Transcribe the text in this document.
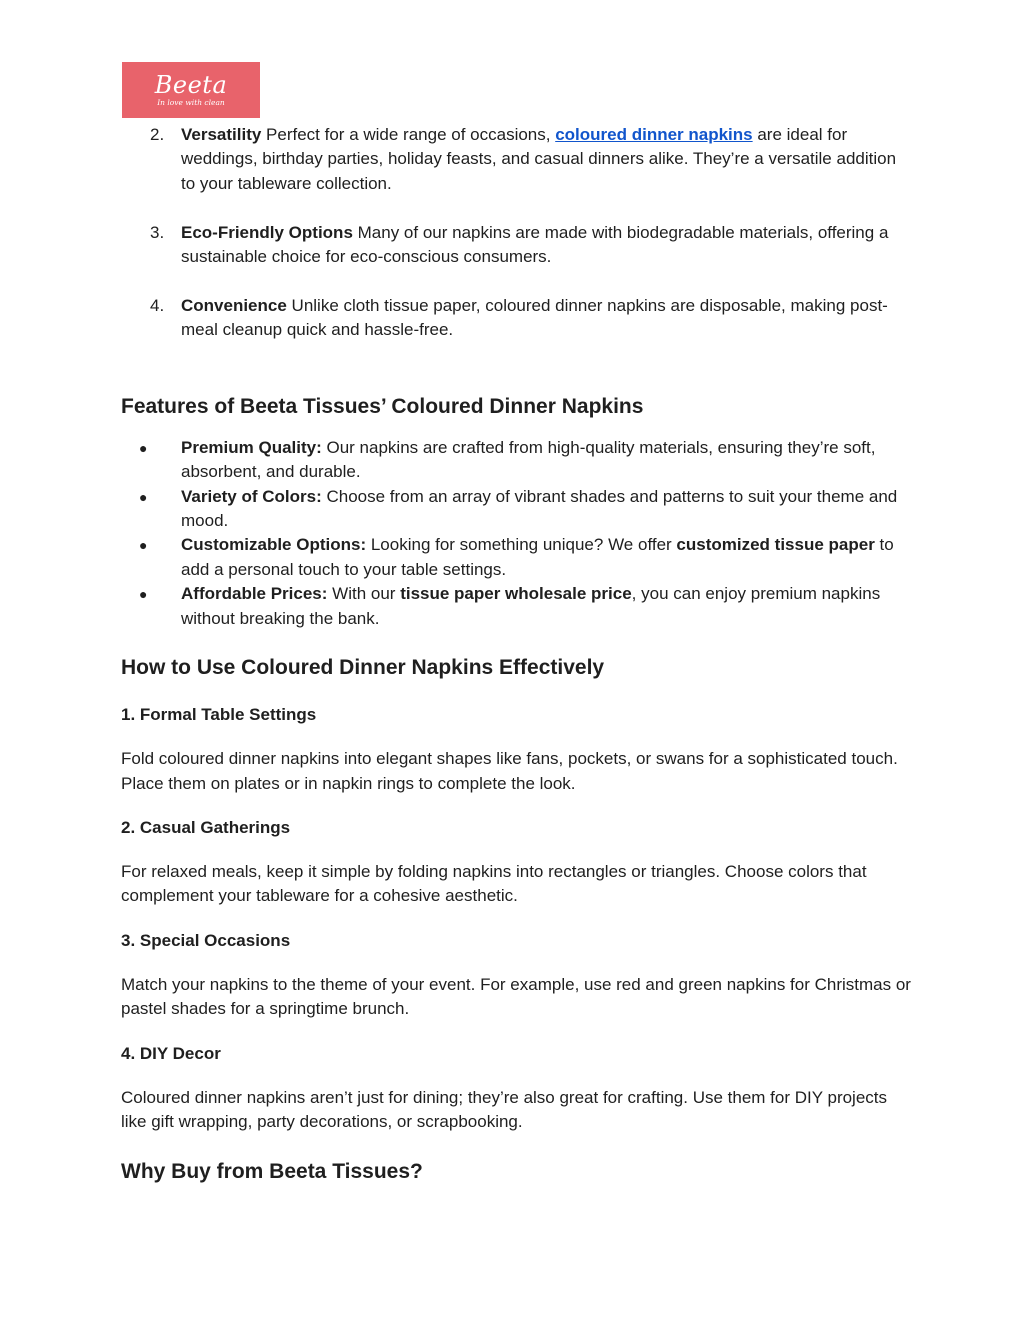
Beeta
In love with clean
2. Versatility Perfect for a wide range of occasions, coloured dinner napkins are ideal for weddings, birthday parties, holiday feasts, and casual dinners alike. They’re a versatile addition to your tableware collection.
3. Eco-Friendly Options Many of our napkins are made with biodegradable materials, offering a sustainable choice for eco-conscious consumers.
4. Convenience Unlike cloth tissue paper, coloured dinner napkins are disposable, making post-meal cleanup quick and hassle-free.
Features of Beeta Tissues’ Coloured Dinner Napkins
● Premium Quality: Our napkins are crafted from high-quality materials, ensuring they’re soft, absorbent, and durable.
● Variety of Colors: Choose from an array of vibrant shades and patterns to suit your theme and mood.
● Customizable Options: Looking for something unique? We offer customized tissue paper to add a personal touch to your table settings.
● Affordable Prices: With our tissue paper wholesale price, you can enjoy premium napkins without breaking the bank.
How to Use Coloured Dinner Napkins Effectively
1. Formal Table Settings

Fold coloured dinner napkins into elegant shapes like fans, pockets, or swans for a sophisticated touch. Place them on plates or in napkin rings to complete the look.

2. Casual Gatherings

For relaxed meals, keep it simple by folding napkins into rectangles or triangles. Choose colors that complement your tableware for a cohesive aesthetic.

3. Special Occasions

Match your napkins to the theme of your event. For example, use red and green napkins for Christmas or pastel shades for a springtime brunch.

4. DIY Decor

Coloured dinner napkins aren’t just for dining; they’re also great for crafting. Use them for DIY projects like gift wrapping, party decorations, or scrapbooking.

Why Buy from Beeta Tissues?
